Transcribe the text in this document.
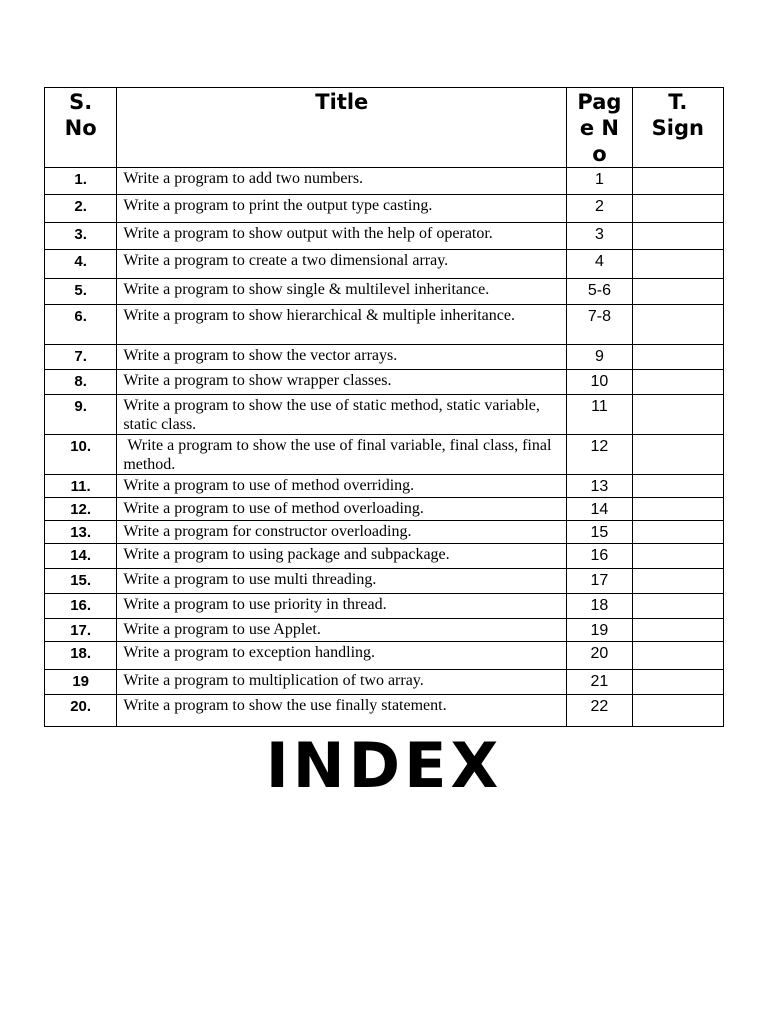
S. No	Title	Page No	T. Sign
1.	Write a program to add two numbers.	1	
2.	Write a program to print the output type casting.	2	
3.	Write a program to show output with the help of operator.	3	
4.	Write a program to create a two dimensional array.	4	
5.	Write a program to show single & multilevel inheritance.	5-6	
6.	Write a program to show hierarchical & multiple inheritance.	7-8	
7.	Write a program to show the vector arrays.	9	
8.	Write a program to show wrapper classes.	10	
9.	Write a program to show the use of static method, static variable, static class.	11	
10.	Write a program to show the use of final variable, final class, final method.	12	
11.	Write a program to use of method overriding.	13	
12.	Write a program to use of method overloading.	14	
13.	Write a program for constructor overloading.	15	
14.	Write a program to using package and subpackage.	16	
15.	Write a program to use multi threading.	17	
16.	Write a program to use priority in thread.	18	
17.	Write a program to use Applet.	19	
18.	Write a program to exception handling.	20	
19	Write a program to multiplication of two array.	21	
20.	Write a program to show the use finally statement.	22	
INDEX
